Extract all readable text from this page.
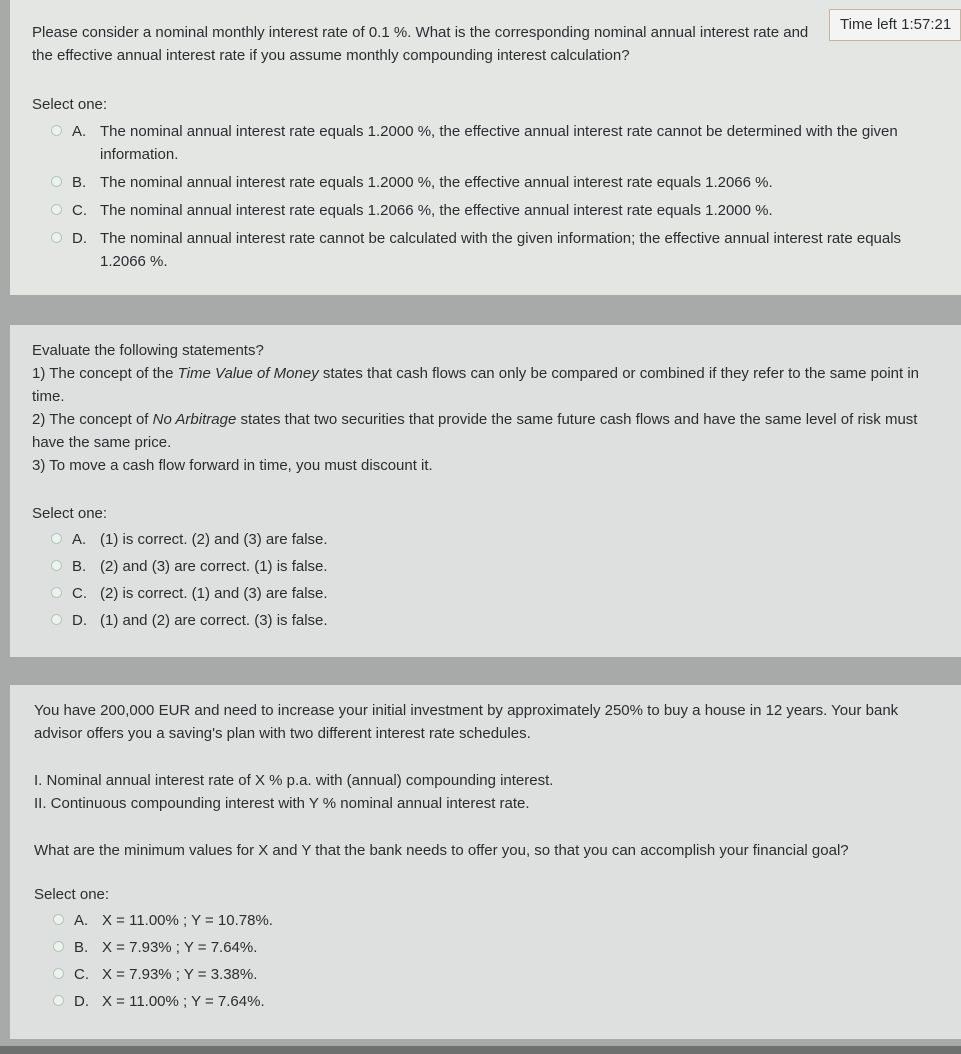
Please consider a nominal monthly interest rate of 0.1 %. What is the corresponding nominal annual interest rate and the effective annual interest rate if you assume monthly compounding interest calculation?

Select one:

A. The nominal annual interest rate equals 1.2000 %, the effective annual interest rate cannot be determined with the given information.
B. The nominal annual interest rate equals 1.2000 %, the effective annual interest rate equals 1.2066 %.
C. The nominal annual interest rate equals 1.2066 %, the effective annual interest rate equals 1.2000 %.
D. The nominal annual interest rate cannot be calculated with the given information; the effective annual interest rate equals 1.2066 %.
Evaluate the following statements?
1) The concept of the Time Value of Money states that cash flows can only be compared or combined if they refer to the same point in time.
2) The concept of No Arbitrage states that two securities that provide the same future cash flows and have the same level of risk must have the same price.
3) To move a cash flow forward in time, you must discount it.

Select one:

A. (1) is correct. (2) and (3) are false.
B. (2) and (3) are correct. (1) is false.
C. (2) is correct. (1) and (3) are false.
D. (1) and (2) are correct. (3) is false.

You have 200,000 EUR and need to increase your initial investment by approximately 250% to buy a house in 12 years. Your bank advisor offers you a saving's plan with two different interest rate schedules.

I. Nominal annual interest rate of X % p.a. with (annual) compounding interest.
II. Continuous compounding interest with Y % nominal annual interest rate.

What are the minimum values for X and Y that the bank needs to offer you, so that you can accomplish your financial goal?

Select one:

A. X = 11.00% ; Y = 10.78%.
B. X = 7.93% ; Y = 7.64%.
C. X = 7.93% ; Y = 3.38%.
D. X = 11.00% ; Y = 7.64%.
Time left 1:57:21
